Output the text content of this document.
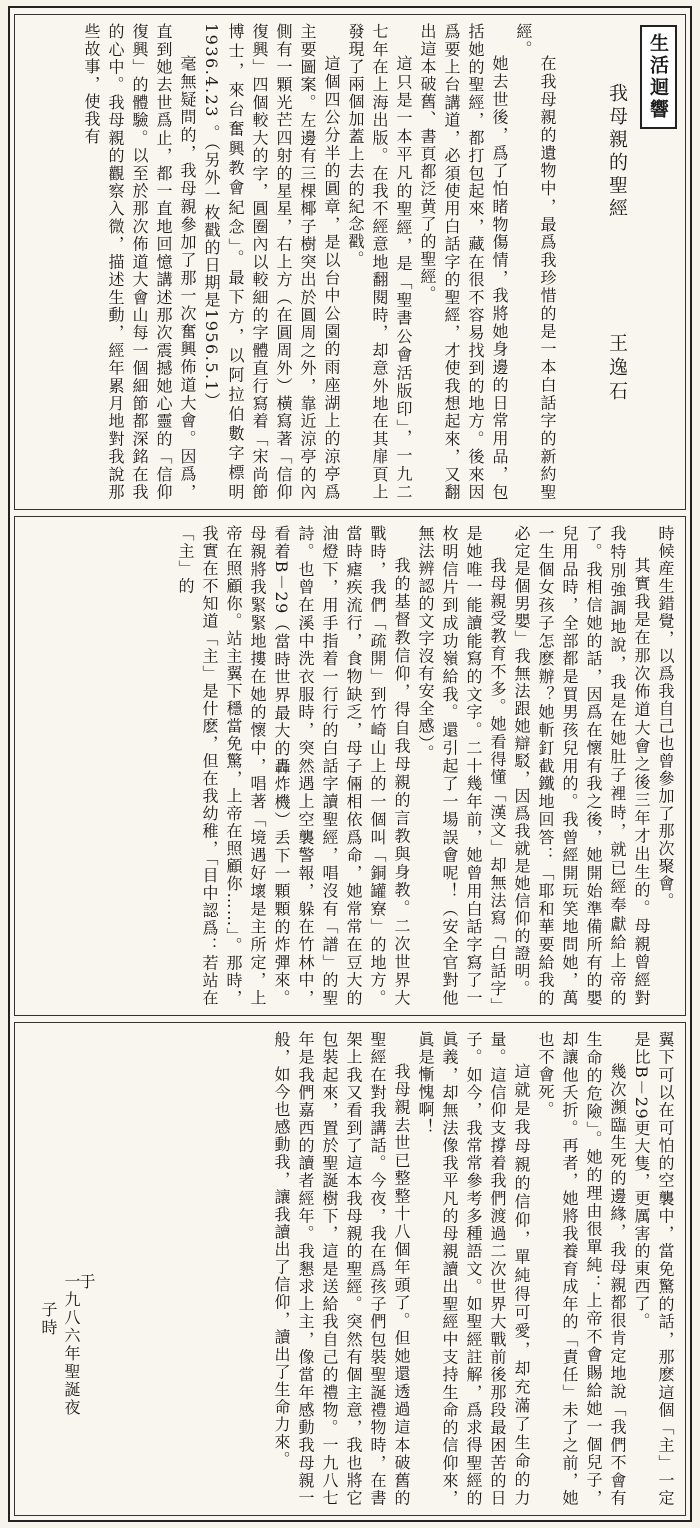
生活迴響
我母親的聖經
王逸石

在我母親的遺物中，最爲我珍惜的是一本白話字的新約聖經。

她去世後，爲了怕睹物傷情，我將她身邊的日常用品，包括她的聖經，都打包起來，藏在很不容易找到的地方。後來因爲要上台講道，必須使用白話字的聖經，才使我想起來，又翻出這本破舊、書頁都泛黄了的聖經。

這只是一本平凡的聖經，是「聖書公會活版印」，一九二七年在上海出版。在我不經意地翻閱時，却意外地在其扉頁上發現了兩個加蓋上去的紀念戳。

這個四公分半的圓章，是以台中公園的雨座湖上的涼亭爲主要圖案。左邊有三棵椰子樹突出於圓周之外，靠近涼亭的內側有一顆光芒四射的星星，右上方（在圓周外）橫寫著「信仰復興」四個較大的字，圓圈內以較細的字體直行寫着「宋尚節博士，來台奮興教會紀念」。最下方，以阿拉伯數字標明1936.4.23 。（另外一枚戳的日期是1956.5.1）

毫無疑問的，我母親參加了那一次奮興佈道大會。因爲，直到她去世爲止，都一直地回憶講述那次震撼她心靈的「信仰復興」的體驗。以至於那次佈道大會山每一個細節都深銘在我的心中。我母親的觀察入微，描述生動，經年累月地對我說那些故事，使我有

時候産生錯覺，以爲我自己也曾參加了那次聚會。

其實我是在那次佈道大會之後三年才出生的。母親曾經對我特別強調地說，我是在她肚子裡時，就已經奉獻給上帝的了。我相信她的話，因爲在懷有我之後，她開始準備所有的嬰兒用品時，全部都是買男孩兒用的。我曾經開玩笑地問她，萬一生個女孩子怎麽辦？她斬釘截鐵地回答：「耶和華要給我的必定是個男嬰」我無法跟她辯駁，因爲我就是她信仰的證明。

我母親受教育不多。她看得懂「漢文」却無法寫「白話字」是她唯一能讀能寫的文字。二十幾年前，她曾用白話字寫了一枚明信片到成功嶺給我。還引起了一場誤會呢！（安全官對他無法辨認的文字沒有安全感）。

我的基督教信仰，得自我母親的言教與身教。二次世界大戰時，我們「疏開」到竹崎山上的一個叫「銅罐寮」的地方。當時瘧疾流行，食物缺乏，母子倆相依爲命，她常常在豆大的油燈下，用手指着一行行的白話字讀聖經，唱沒有「譜」的聖詩。也曾在溪中洗衣服時，突然遇上空襲警報，躲在竹林中，看着B－29（當時世界最大的轟炸機）丢下一顆顆的炸彈來。母親將我緊緊地摟在她的懷中，唱著「境遇好壞是主所定，上帝在照顧你。站主翼下穩當免驚，上帝在照顧你……」。那時，我實在不知道「主」是什麽，但在我幼稚，「目中認爲：若站在「主」的

翼下可以在可怕的空襲中，當免驚的話，那麽這個「主」一定是比B－29更大隻，更厲害的東西了。

幾次瀕臨生死的邊緣，我母親都很肯定地說「我們不會有生命的危險」。她的理由很單純：上帝不會賜給她一個兒子，却讓他夭折。再者，她將我養育成年的「責任」未了之前，她也不會死。

這就是我母親的信仰，單純得可愛，却充滿了生命的力量。這信仰支撐着我們渡過二次世界大戰前後那段最困苦的日子。如今，我常常參考多種語文。如聖經註解，爲求得聖經的眞義，却無法像我平凡的母親讀出聖經中支持生命的信仰來，眞是慚愧啊！

我母親去世已整整十八個年頭了。但她還透過這本破舊的聖經在對我講話。今夜，我在爲孩子們包裝聖誕禮物時，在書架上我又看到了這本我母親的聖經。突然有個主意，我也將它包裝起來，置於聖誕樹下，這是送給我自己的禮物。一九八七年是我們嘉西的讀者經年。我懇求上主，像當年感動我母親一般，如今也感動我，讓我讀出了信仰，讀出了生命力來。

于
一九八六年聖誕夜
子時
